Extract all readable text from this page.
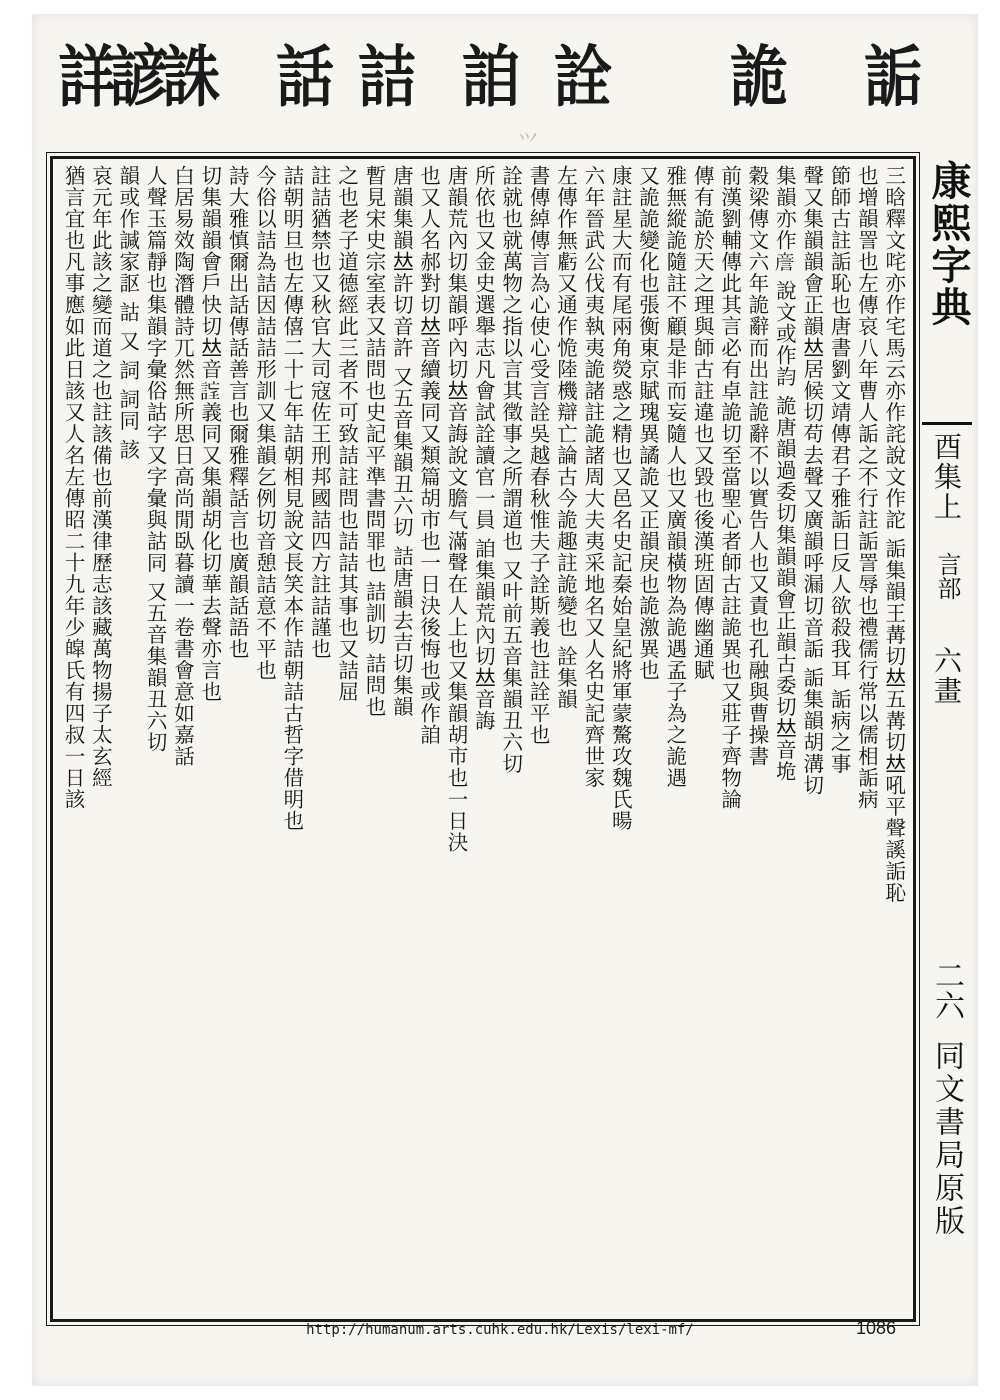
詳諺誅 話 詰 詯 詮 詭 詬
⺍
三晗釋文咤亦作宅馬云亦作詫說文作詑 詬集韻王冓切𠀤五冓切𠀤吼平聲謑詬恥
也增韻詈也左傳哀八年曹人詬之不行註詬詈辱也禮儒行常以儒相詬病
節師古註詬恥也唐書劉文靖傳君子雅詬日反人欲殺我耳 詬病之事
聲又集韻韻會正韻𠀤居候切苟去聲又廣韻呼漏切音詬 詬集韻胡溝切
集韻亦作𧧑 說文或作𧥺 詭唐韻過委切集韻韻會正韻古委切𠀤音垝
穀梁傳文六年詭辭而出註詭辭不以實告人也又責也孔融與曹操書
前漢劉輔傳此其言必有卓詭切至當聖心者師古註詭異也又莊子齊物論
傳有詭於天之理與師古註違也又毀也後漢班固傳幽通賦
雅無縱詭隨註不顧是非而妄隨人也又廣韻橫物為詭遇孟子為之詭遇
又詭詭變化也張衡東京賦瑰異譎詭又正韻戾也詭激異也
康註星大而有尾兩角熒惑之精也又邑名史記秦始皇紀將軍蒙驁攻魏氏暘
六年晉武公伐夷執夷詭諸註詭諸周大夫夷采地名又人名史記齊世家
左傳作無虧又通作恑陸機辯亡論古今詭趣註詭變也 詮集韻
書傳綽傳言為心使心受言詮吳越春秋惟夫子詮斯義也註詮平也
詮就也就萬物之指以言其徵事之所謂道也 又叶前五音集韻丑六切
所依也又金史選舉志凡會試詮讀官一員 詯集韻荒內切𠀤音誨
唐韻荒內切集韻呼內切𠀤音誨說文膽气滿聲在人上也又集韻胡市也一日決
也又人名郝對切𠀤音續義同又類篇胡市也一日決後悔也或作詯
唐韻集韻𠀤許切音許 又五音集韻丑六切 詰唐韻去吉切集韻
暫見宋史宗室表又詰問也史記平準書問罪也 詰訓切 詰問也
之也老子道德經此三者不可致詰註問也詰詰其事也又詰屈
註詰猶禁也又秋官大司寇佐王刑邦國詰四方註詰謹也
詰朝明旦也左傳僖二十七年詰朝相見說文長笑本作詰朝詰古哲字借明也
今俗以詰為詰因詰詰形訓又集韻乞例切音憩詰意不平也
詩大雅慎爾出話傳話善言也爾雅釋話言也廣韻話語也
切集韻韻會戶快切𠀤音𧨉義同又集韻胡化切華去聲亦言也
白居易效陶潛體詩兀然無所思日高尚閒臥暮讀一卷書會意如嘉話
人聲玉篇靜也集韻字彙俗詁字又字彙與詁同 又五音集韻丑六切
韻或作諴家𧦅 詁 又 詞 詞同 該
哀元年此該之變而道之也註該備也前漢律歷志該藏萬物揚子太玄經
猶言宜也凡事應如此日該又人名左傳昭二十九年少皡氏有四叔一日該	康熙字典
酉集上
言部
六畫
二六
同文書局原版
http://humanum.arts.cuhk.edu.hk/Lexis/lexi-mf/	1086
